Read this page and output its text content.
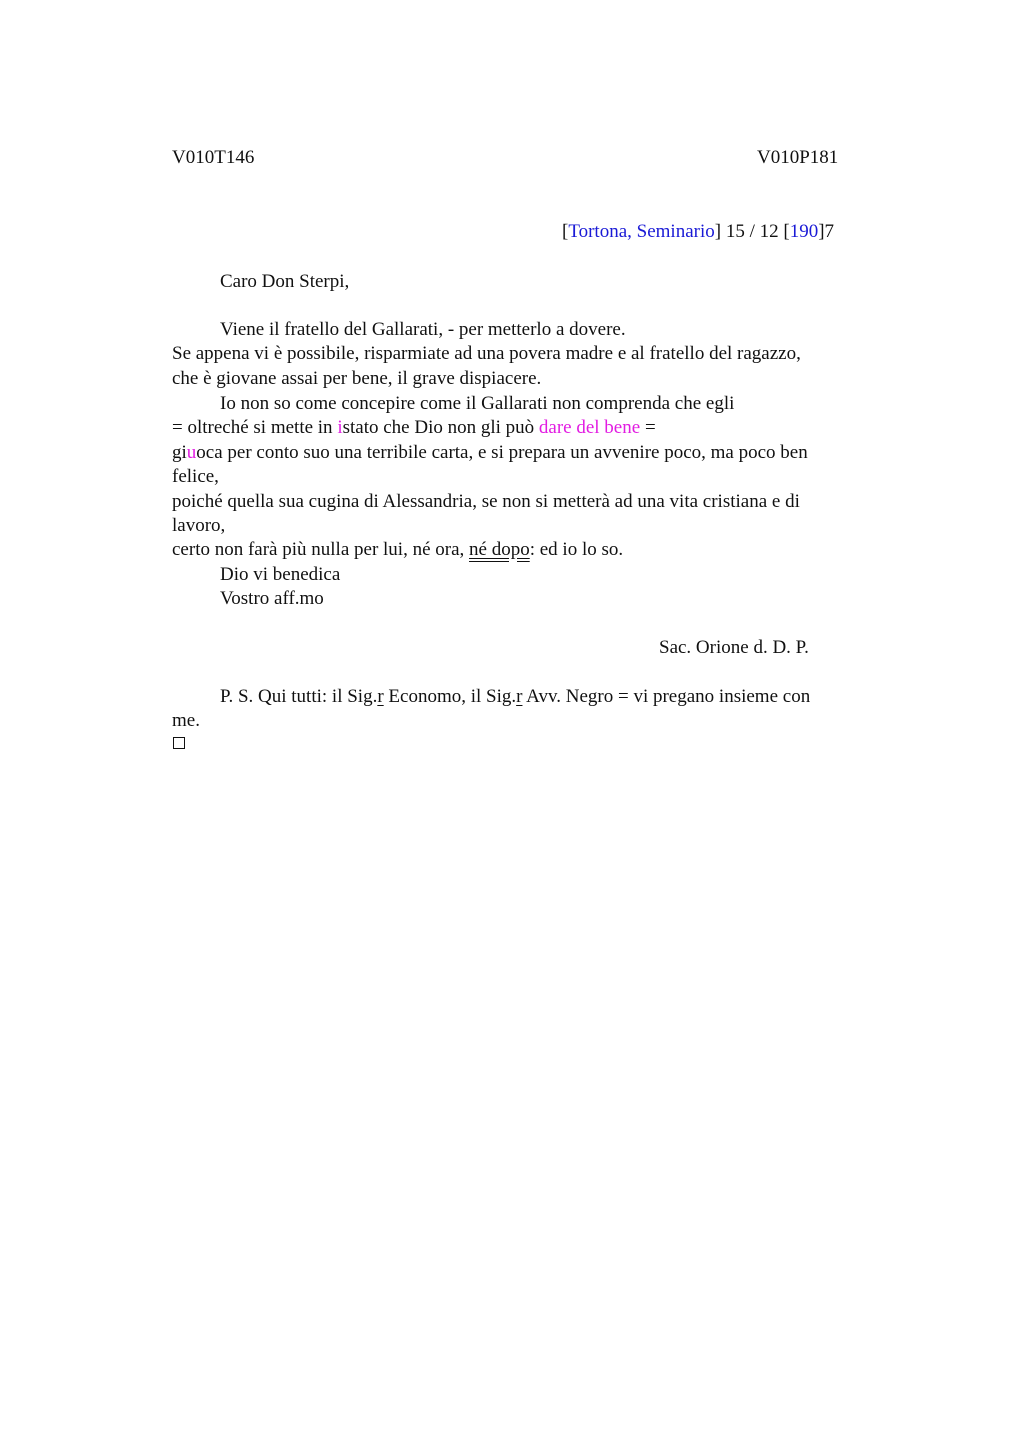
V010T146	V010P181
[Tortona, Seminario] 15 / 12 [190]7
Caro Don Sterpi,
Viene il fratello del Gallarati, - per metterlo a dovere.
Se appena vi è possibile, risparmiate ad una povera madre e al fratello del ragazzo,
che è giovane assai per bene, il grave dispiacere.
Io non so come concepire come il Gallarati non comprenda che egli
= oltreché si mette in istato che Dio non gli può dare del bene =
giuoca per conto suo una terribile carta, e si prepara un avvenire poco, ma poco ben
felice,
poiché quella sua cugina di Alessandria, se non si metterà ad una vita cristiana e di
lavoro,
certo non farà più nulla per lui, né ora, né dopo: ed io lo so.
Dio vi benedica
Vostro aff.mo
Sac. Orione d. D. P.
P. S. Qui tutti: il Sig.r Economo, il Sig.r Avv. Negro = vi pregano insieme con
me.
